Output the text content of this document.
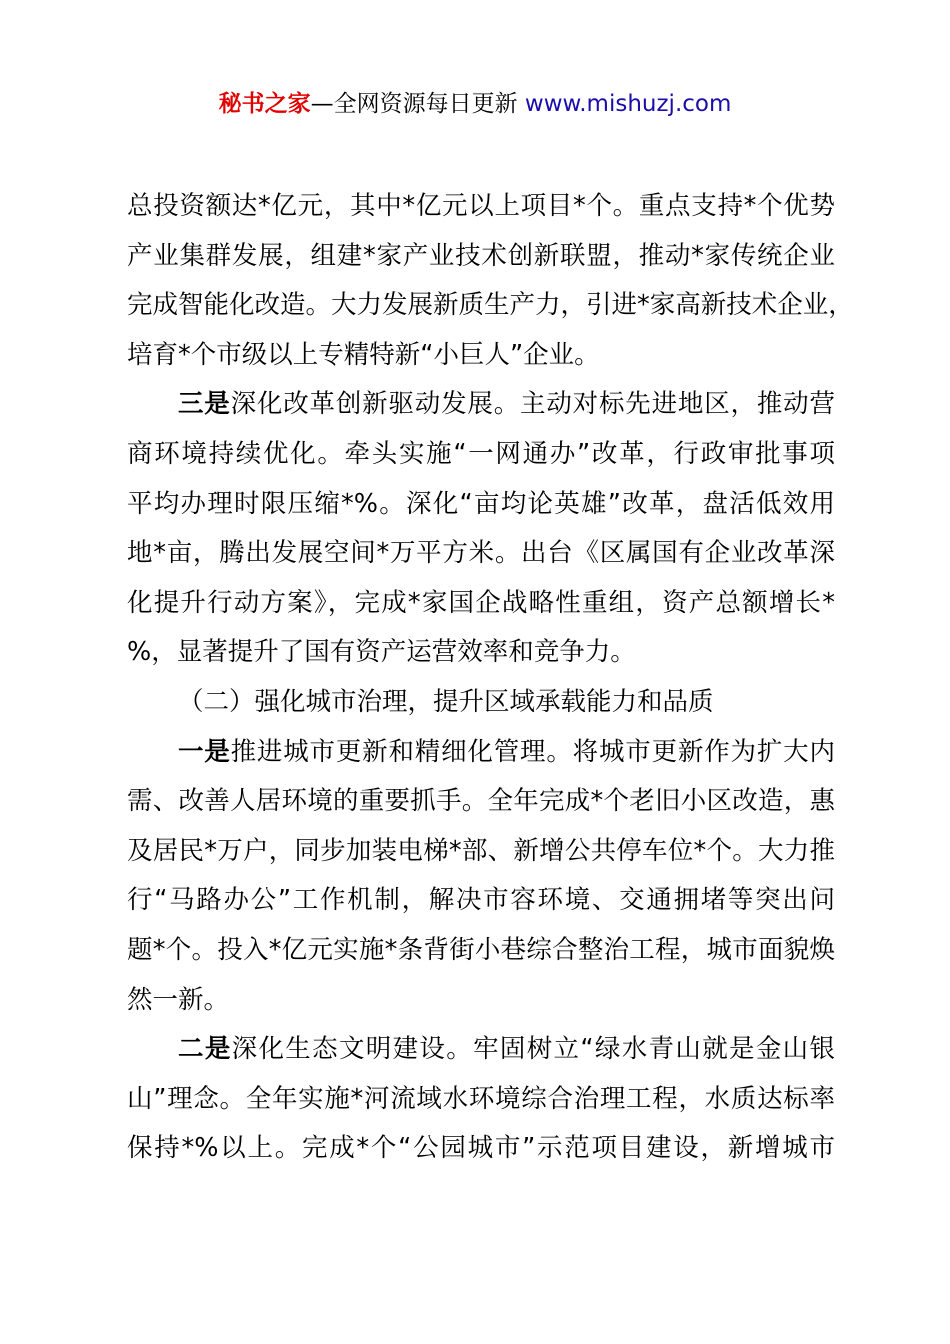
秘书之家—全网资源每日更新 www.mishuzj.com
总投资额达*亿元，其中*亿元以上项目*个。重点支持*个优势
产业集群发展，组建*家产业技术创新联盟，推动*家传统企业
完成智能化改造。大力发展新质生产力，引进*家高新技术企业，
培育*个市级以上专精特新“小巨人”企业。
三是深化改革创新驱动发展。主动对标先进地区，推动营
商环境持续优化。牵头实施“一网通办”改革，行政审批事项
平均办理时限压缩*%。深化“亩均论英雄”改革，盘活低效用
地*亩，腾出发展空间*万平方米。出台《区属国有企业改革深
化提升行动方案》，完成*家国企战略性重组，资产总额增长*
%，显著提升了国有资产运营效率和竞争力。
（二）强化城市治理，提升区域承载能力和品质
一是推进城市更新和精细化管理。将城市更新作为扩大内
需、改善人居环境的重要抓手。全年完成*个老旧小区改造，惠
及居民*万户，同步加装电梯*部、新增公共停车位*个。大力推
行“马路办公”工作机制，解决市容环境、交通拥堵等突出问
题*个。投入*亿元实施*条背街小巷综合整治工程，城市面貌焕
然一新。
二是深化生态文明建设。牢固树立“绿水青山就是金山银
山”理念。全年实施*河流域水环境综合治理工程，水质达标率
保持*%以上。完成*个“公园城市”示范项目建设，新增城市
